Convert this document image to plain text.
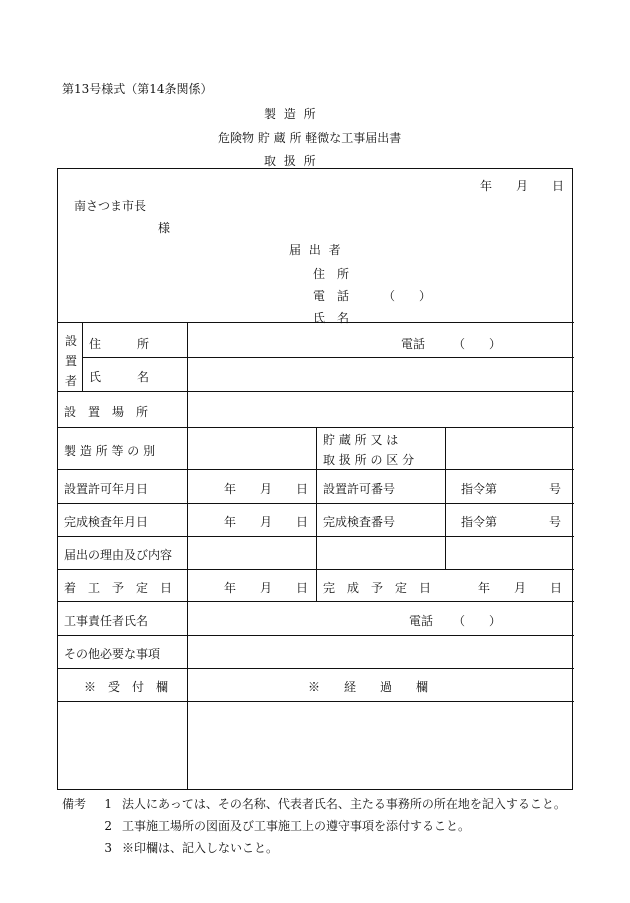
第13号様式（第14条関係）
製 造 所
危険物 貯 蔵 所 軽微な工事届出書
取 扱 所
年　　月　　日
南さつま市長
様
届 出 者
住　所
電　話	（　　）
氏　名
設置者
住　　　所	電話 （　　）
氏　　　名
設　置　場　所
製 造 所 等 の 別
貯 蔵 所 又 は
取 扱 所 の 区 分
設置許可年月日	年　　月　　日 設置許可番号	指令第	号
完成検査年月日	年　　月　　日 完成検査番号	指令第	号
届出の理由及び内容
着　工　予　定　日	年　　月　　日 完　成　予　定　日	年　　月　　日
工事責任者氏名	電話 （　　）
その他必要な事項
※　受　付　欄	※　　経　　過　　欄
備考	1 法人にあっては、その名称、代表者氏名、主たる事務所の所在地を記入すること。
2 工事施工場所の図面及び工事施工上の遵守事項を添付すること。
3 ※印欄は、記入しないこと。
